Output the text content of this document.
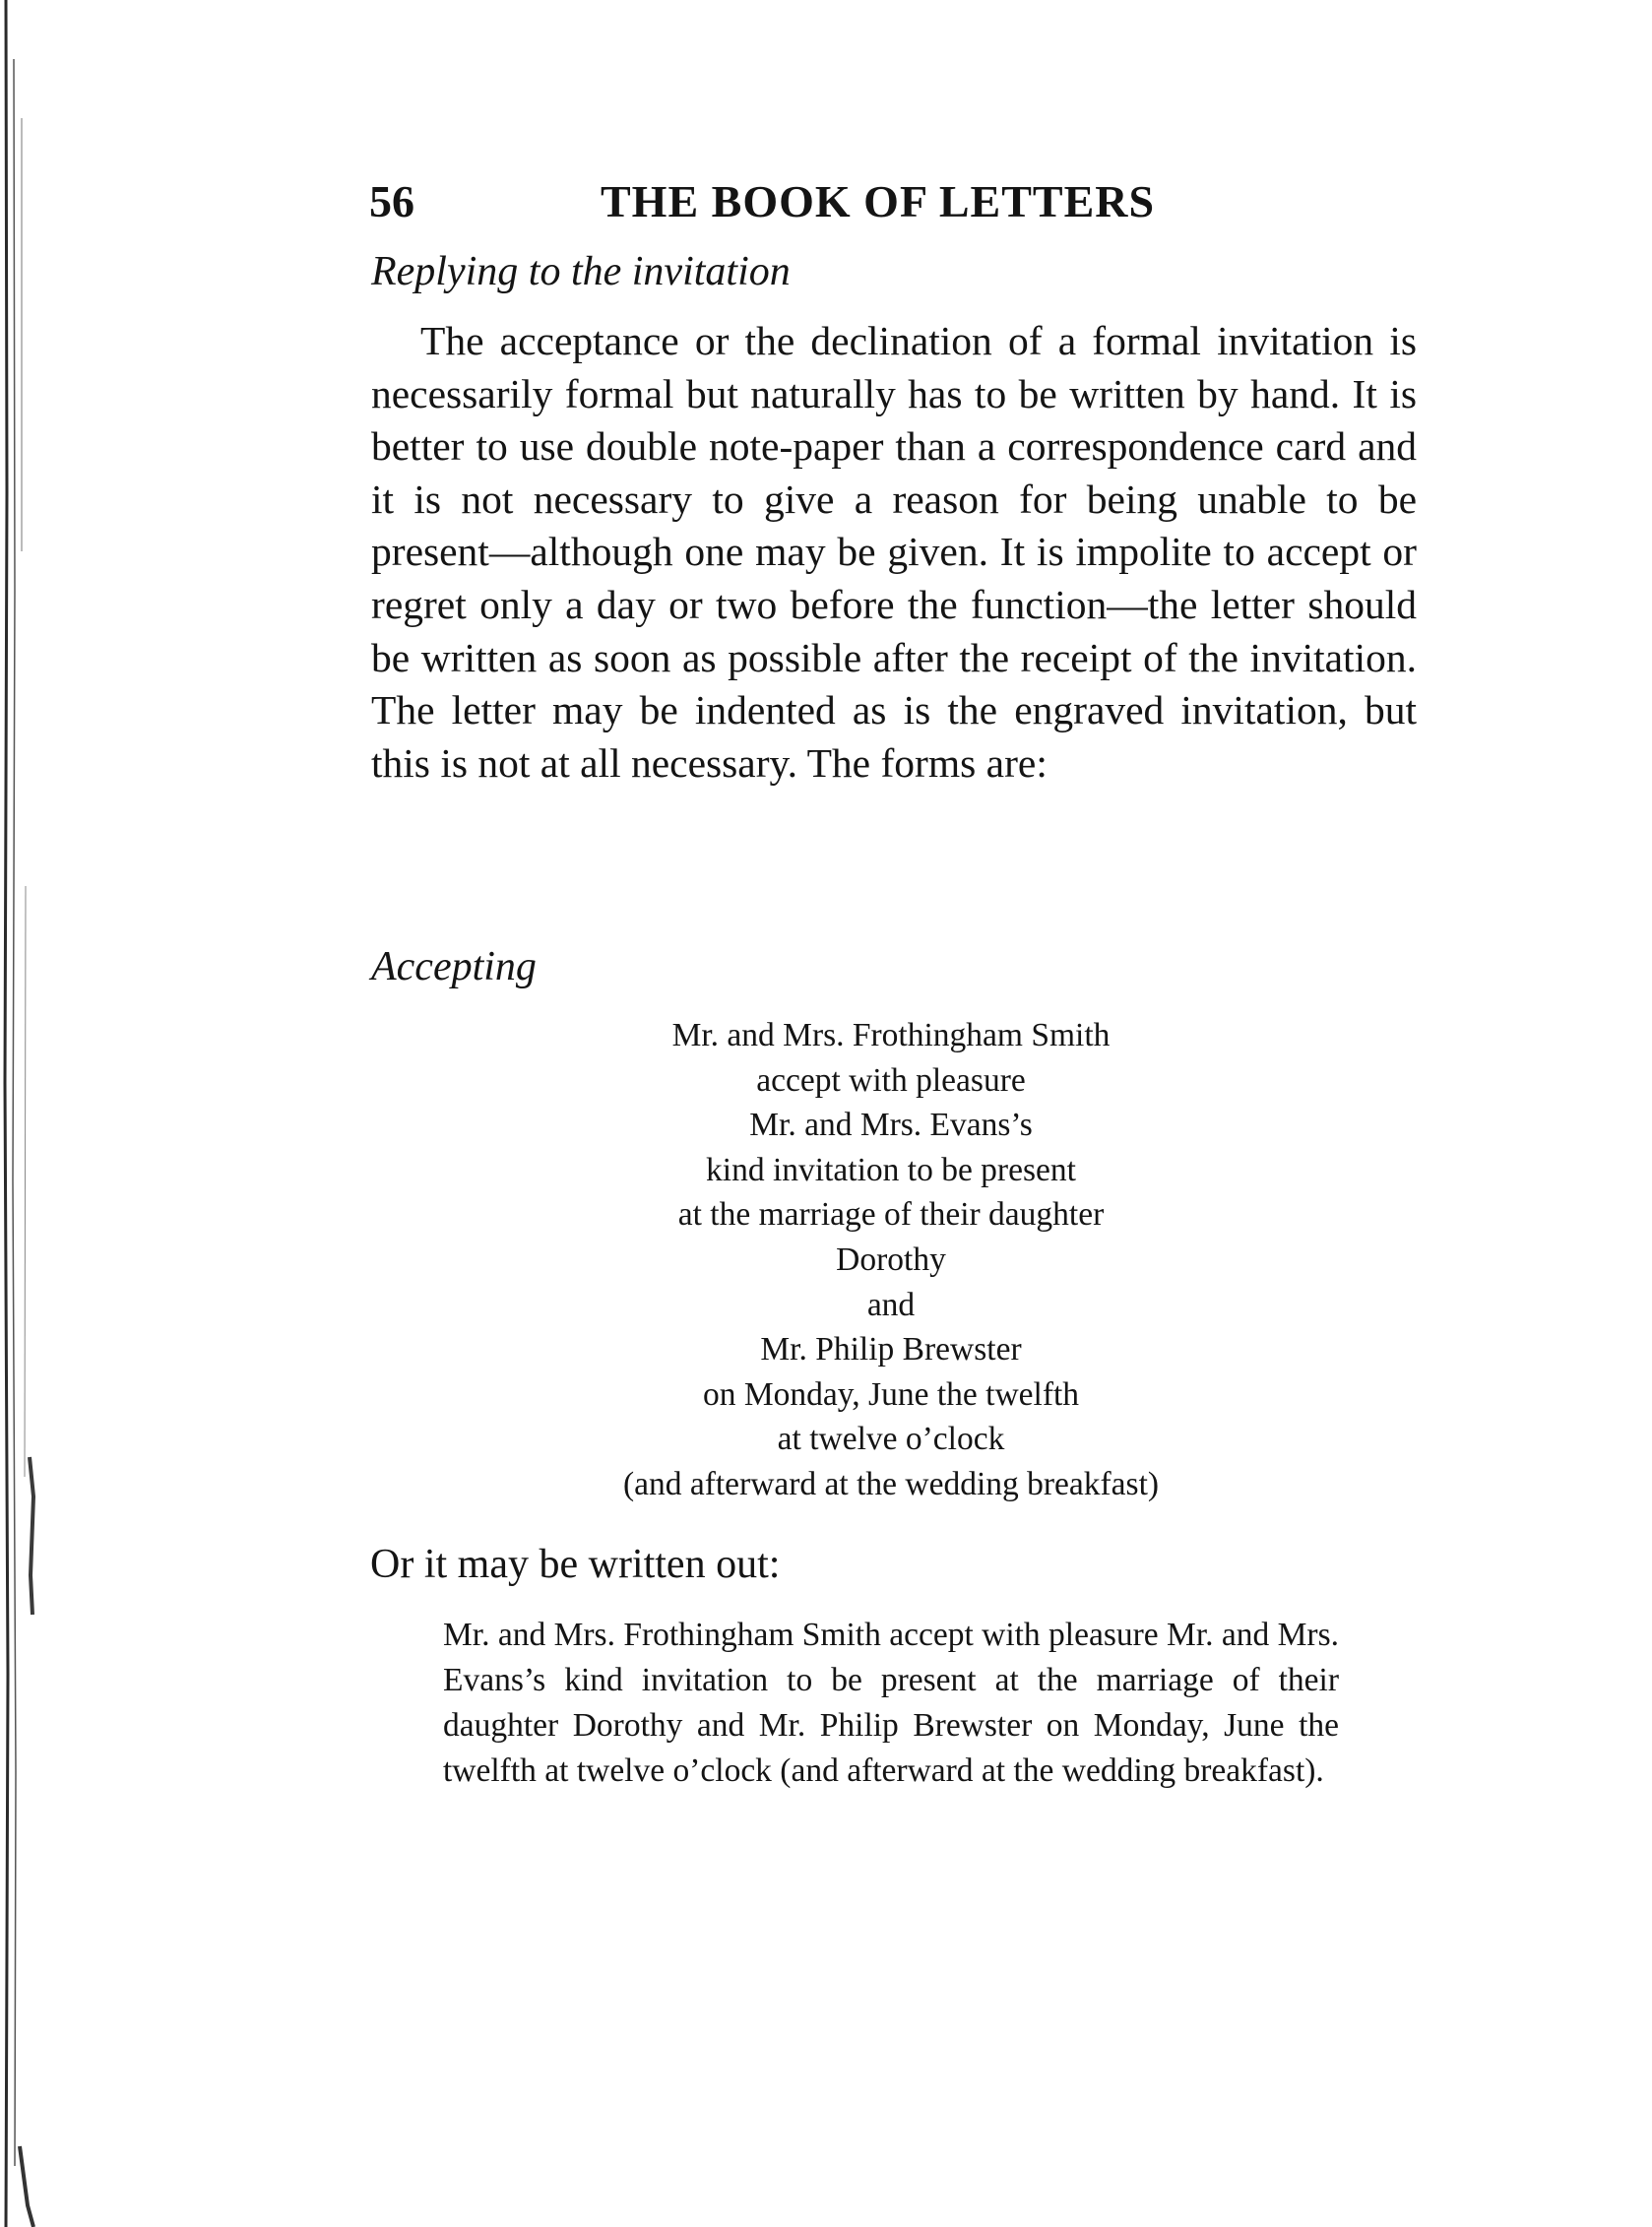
56	THE BOOK OF LETTERS
Replying to the invitation

The acceptance or the declination of a formal invitation is necessarily formal but naturally has to be written by hand. It is better to use double note-paper than a correspondence card and it is not necessary to give a reason for being unable to be present—although one may be given. It is impolite to accept or regret only a day or two before the function—the letter should be written as soon as possible after the receipt of the invitation. The letter may be indented as is the engraved invitation, but this is not at all necessary. The forms are:

Accepting
Mr. and Mrs. Frothingham Smith
accept with pleasure
Mr. and Mrs. Evans’s
kind invitation to be present
at the marriage of their daughter
Dorothy
and
Mr. Philip Brewster
on Monday, June the twelfth
at twelve o’clock
(and afterward at the wedding breakfast)
Or it may be written out:

Mr. and Mrs. Frothingham Smith accept with pleasure Mr. and Mrs. Evans’s kind invitation to be present at the marriage of their daughter Dorothy and Mr. Philip Brewster on Monday, June the twelfth at twelve o’clock (and afterward at the wedding breakfast).
